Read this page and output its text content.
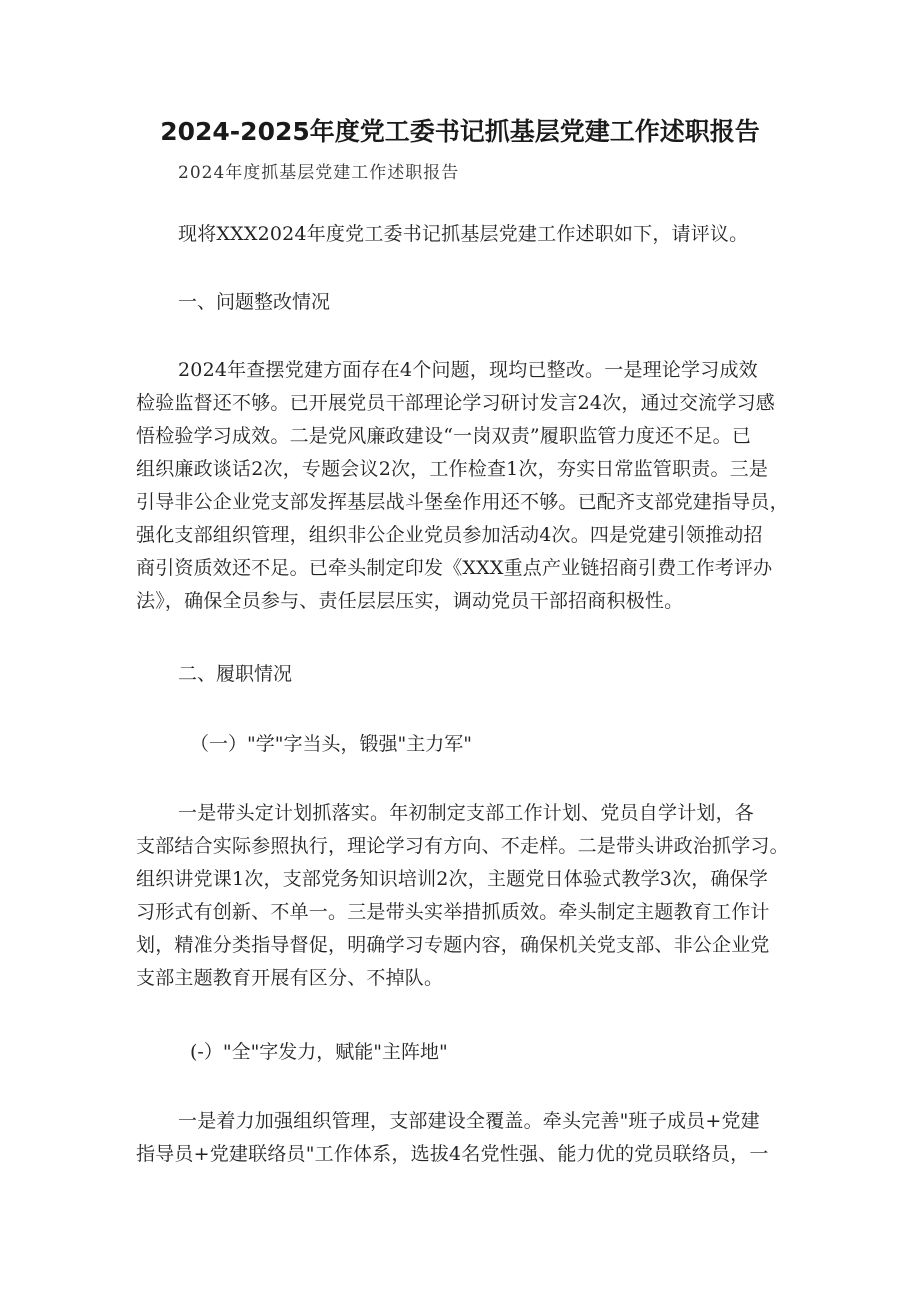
2024-2025年度党工委书记抓基层党建工作述职报告
2024年度抓基层党建工作述职报告
现将XXX2024年度党工委书记抓基层党建工作述职如下，请评议。
一、问题整改情况
2024年查摆党建方面存在4个问题，现均已整改。一是理论学习成效
检验监督还不够。已开展党员干部理论学习研讨发言24次，通过交流学习感
悟检验学习成效。二是党风廉政建设“一岗双责”履职监管力度还不足。已
组织廉政谈话2次，专题会议2次，工作检查1次，夯实日常监管职责。三是
引导非公企业党支部发挥基层战斗堡垒作用还不够。已配齐支部党建指导员，
强化支部组织管理，组织非公企业党员参加活动4次。四是党建引领推动招
商引资质效还不足。已牵头制定印发《XXX重点产业链招商引费工作考评办
法》，确保全员参与、责任层层压实，调动党员干部招商积极性。
二、履职情况
（一）"学"字当头，锻强"主力军"
一是带头定计划抓落实。年初制定支部工作计划、党员自学计划，各
支部结合实际参照执行，理论学习有方向、不走样。二是带头讲政治抓学习。
组织讲党课1次，支部党务知识培训2次，主题党日体验式教学3次，确保学
习形式有创新、不单一。三是带头实举措抓质效。牵头制定主题教育工作计
划，精准分类指导督促，明确学习专题内容，确保机关党支部、非公企业党
支部主题教育开展有区分、不掉队。
(-）"全"字发力，赋能"主阵地"
一是着力加强组织管理，支部建设全覆盖。牵头完善"班子成员+党建
指导员+党建联络员"工作体系，选拔4名党性强、能力优的党员联络员，一
